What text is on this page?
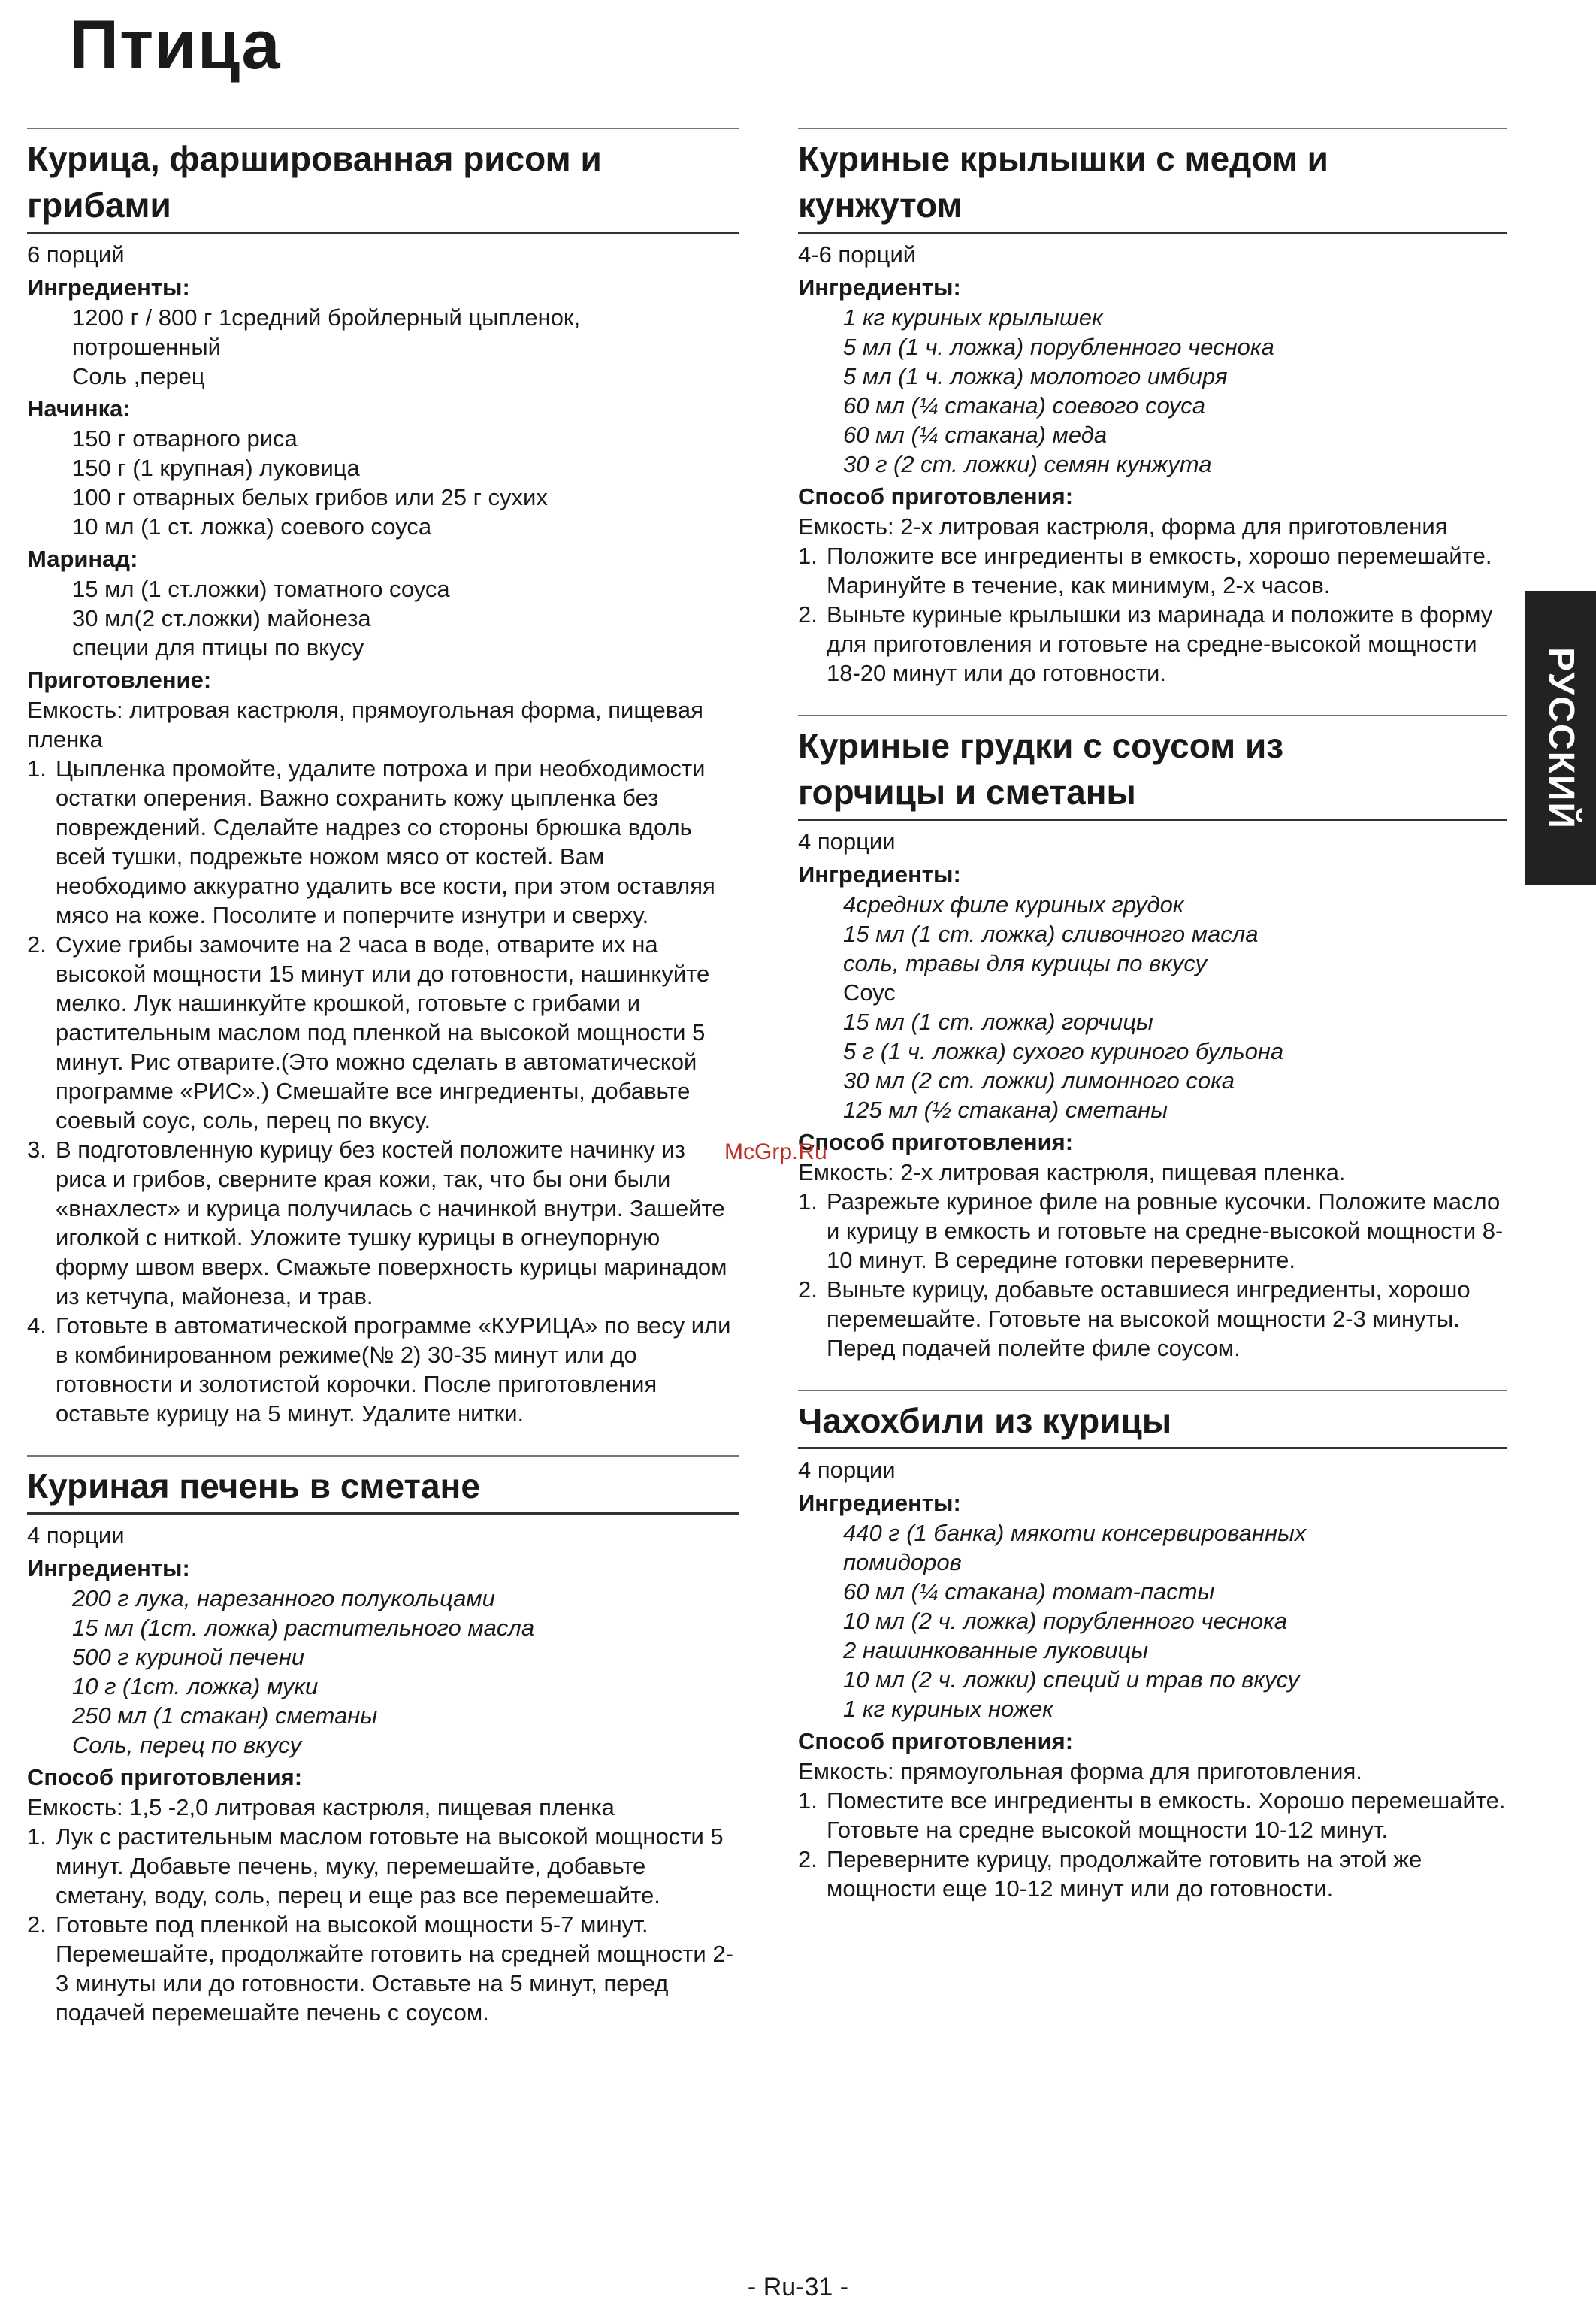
Птица
Курица, фаршированная рисом и
грибами
6 порций
Ингредиенты:
1200 г / 800 г 1средний бройлерный цыпленок,
потрошенный
Соль ,перец
Начинка:
150 г отварного риса
150 г (1 крупная) луковица
100 г отварных белых грибов или 25 г сухих
10 мл (1 ст. ложка) соевого соуса
Маринад:
15 мл (1 ст.ложки) томатного соуса
30 мл(2 ст.ложки) майонеза
специи для птицы по вкусу
Приготовление:
Емкость: литровая кастрюля, прямоугольная форма, пищевая пленка
1. Цыпленка промойте, удалите потроха и при необходимости остатки оперения. Важно сохранить кожу цыпленка без повреждений. Сделайте надрез со стороны брюшка вдоль всей тушки, подрежьте ножом мясо от костей. Вам необходимо аккуратно удалить все кости, при этом оставляя мясо на коже. Посолите и поперчите изнутри и сверху.
2. Сухие грибы замочите на 2 часа в воде, отварите их на высокой мощности 15 минут или до готовности, нашинкуйте мелко. Лук нашинкуйте крошкой, готовьте с грибами и растительным маслом под пленкой на высокой мощности 5 минут. Рис отварите.(Это можно сделать в автоматической программе «РИС».) Смешайте все ингредиенты, добавьте соевый соус, соль, перец по вкусу.
3. В подготовленную курицу без костей положите начинку из риса и грибов, сверните края кожи, так, что бы они были «внахлест» и курица получилась с начинкой внутри. Зашейте иголкой с ниткой. Уложите тушку курицы в огнеупорную форму швом вверх. Смажьте поверхность курицы маринадом из кетчупа, майонеза, и трав.
4. Готовьте в автоматической программе «КУРИЦА» по весу или в комбинированном режиме(№ 2) 30-35 минут или до готовности и золотистой корочки. После приготовления оставьте курицу на 5 минут. Удалите нитки.
Куриная печень в сметане
4 порции
Ингредиенты:
200 г лука, нарезанного полукольцами
15 мл (1ст. ложка) растительного масла
500 г куриной печени
10 г (1ст. ложка) муки
250 мл (1 стакан) сметаны
Соль, перец по вкусу
Способ приготовления:
Емкость: 1,5 -2,0 литровая кастрюля, пищевая пленка
1. Лук с растительным маслом готовьте на высокой мощности 5 минут. Добавьте печень, муку, перемешайте, добавьте сметану, воду, соль, перец и еще раз все перемешайте.
2. Готовьте под пленкой на высокой мощности 5-7 минут. Перемешайте, продолжайте готовить на средней мощности 2-3 минуты или до готовности. Оставьте на 5 минут, перед подачей перемешайте печень с соусом.
Куриные крылышки с медом и
кунжутом
4-6 порций
Ингредиенты:
1 кг куриных крылышек
5 мл (1 ч. ложка) порубленного чеснока
5 мл (1 ч. ложка) молотого имбиря
60 мл (¼ стакана) соевого соуса
60 мл (¼ стакана) меда
30 г (2 ст. ложки) семян кунжута
Способ приготовления:
Емкость: 2-х литровая кастрюля, форма для приготовления
1. Положите все ингредиенты в емкость, хорошо перемешайте. Маринуйте в течение, как минимум, 2-х часов.
2. Выньте куриные крылышки из маринада и положите в форму для приготовления и готовьте на средне-высокой мощности 18-20 минут или до готовности.
Куриные грудки с соусом из
горчицы и сметаны
4 порции
Ингредиенты:
4средних филе куриных грудок
15 мл (1 ст. ложка) сливочного масла
соль, травы для курицы по вкусу
Соус
15 мл (1 ст. ложка) горчицы
5 г (1 ч. ложка) сухого куриного бульона
30 мл (2 ст. ложки) лимонного сока
125 мл (½ стакана) сметаны
Способ приготовления:
Емкость: 2-х литровая кастрюля, пищевая пленка.
1. Разрежьте куриное филе на ровные кусочки. Положите масло и курицу в емкость и готовьте на средне-высокой мощности 8-10 минут. В середине готовки переверните.
2. Выньте курицу, добавьте оставшиеся ингредиенты, хорошо перемешайте. Готовьте на высокой мощности 2-3 минуты. Перед подачей полейте филе соусом.
Чахохбили из курицы
4 порции
Ингредиенты:
440 г (1 банка) мякоти консервированных
помидоров
60 мл (¼ стакана) томат-пасты
10 мл (2 ч. ложка) порубленного чеснока
2 нашинкованные луковицы
10 мл (2 ч. ложки) специй и трав по вкусу
1 кг куриных ножек
Способ приготовления:
Емкость: прямоугольная форма для приготовления.
1. Поместите все ингредиенты в емкость. Хорошо перемешайте. Готовьте на средне высокой мощности 10-12 минут.
2. Переверните курицу, продолжайте готовить на этой же мощности еще 10-12 минут или до готовности.
РУССКИЙ
McGrp.Ru
- Ru-31 -
